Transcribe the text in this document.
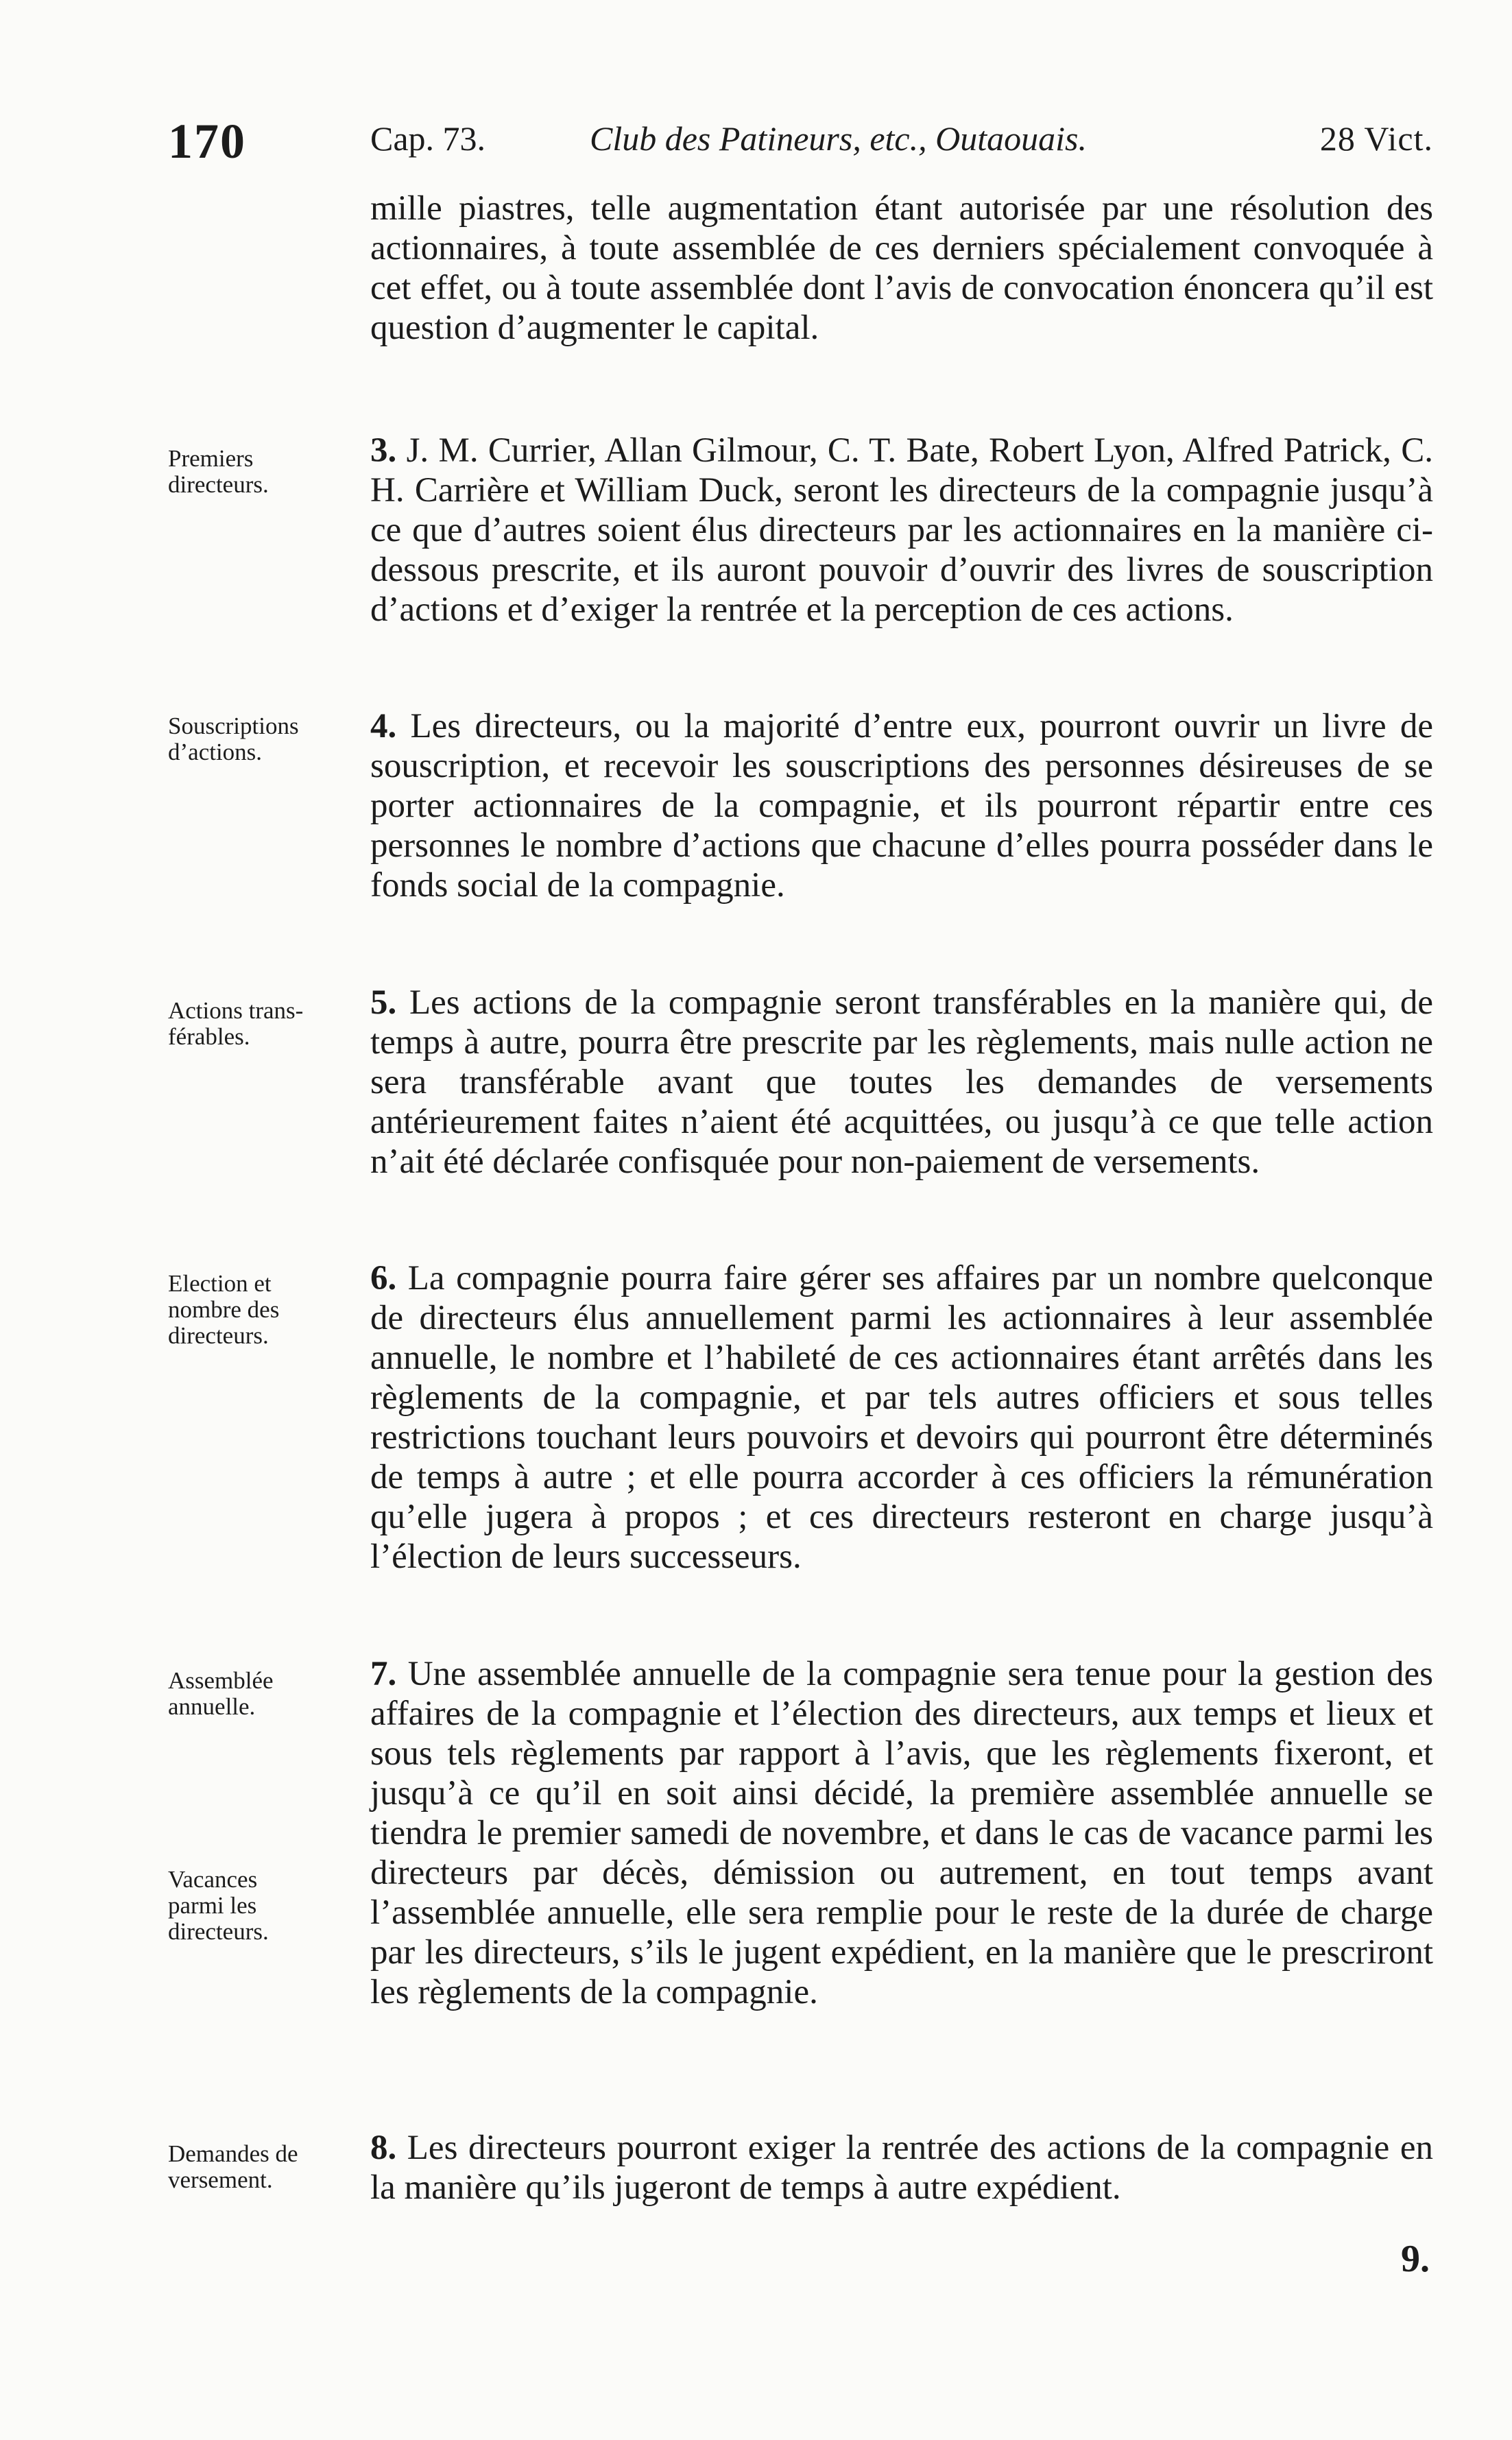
170	Cap. 73.	Club des Patineurs, etc., Outaouais.	28 Vict.

mille piastres, telle augmentation étant autorisée par une résolution des actionnaires, à toute assemblée de ces derniers spécialement convoquée à cet effet, ou à toute assemblée dont l’avis de convocation énoncera qu’il est question d’augmenter le capital.

Premiers
directeurs.

3. J. M. Currier, Allan Gilmour, C. T. Bate, Robert Lyon, Alfred Patrick, C. H. Carrière et William Duck, seront les directeurs de la compagnie jusqu’à ce que d’autres soient élus directeurs par les actionnaires en la manière ci-dessous prescrite, et ils auront pouvoir d’ouvrir des livres de souscription d’actions et d’exiger la rentrée et la perception de ces actions.

Souscriptions
d’actions.

4. Les directeurs, ou la majorité d’entre eux, pourront ouvrir un livre de souscription, et recevoir les souscriptions des personnes désireuses de se porter actionnaires de la compagnie, et ils pourront répartir entre ces personnes le nombre d’actions que chacune d’elles pourra posséder dans le fonds social de la compagnie.

Actions trans-
férables.

5. Les actions de la compagnie seront transférables en la manière qui, de temps à autre, pourra être prescrite par les règlements, mais nulle action ne sera transférable avant que toutes les demandes de versements antérieurement faites n’aient été acquittées, ou jusqu’à ce que telle action n’ait été déclarée confisquée pour non-paiement de versements.

Election et
nombre des
directeurs.

6. La compagnie pourra faire gérer ses affaires par un nombre quelconque de directeurs élus annuellement parmi les actionnaires à leur assemblée annuelle, le nombre et l’habileté de ces actionnaires étant arrêtés dans les règlements de la compagnie, et par tels autres officiers et sous telles restrictions touchant leurs pouvoirs et devoirs qui pourront être déterminés de temps à autre ; et elle pourra accorder à ces officiers la rémunération qu’elle jugera à propos ; et ces directeurs resteront en charge jusqu’à l’élection de leurs successeurs.

Assemblée
annuelle.
Vacances
parmi les
directeurs.

7. Une assemblée annuelle de la compagnie sera tenue pour la gestion des affaires de la compagnie et l’élection des directeurs, aux temps et lieux et sous tels règlements par rapport à l’avis, que les règlements fixeront, et jusqu’à ce qu’il en soit ainsi décidé, la première assemblée annuelle se tiendra le premier samedi de novembre, et dans le cas de vacance parmi les directeurs par décès, démission ou autrement, en tout temps avant l’assemblée annuelle, elle sera remplie pour le reste de la durée de charge par les directeurs, s’ils le jugent expédient, en la manière que le prescriront les règlements de la compagnie.

Demandes de
versement.

8. Les directeurs pourront exiger la rentrée des actions de la compagnie en la manière qu’ils jugeront de temps à autre expédient.

9.
